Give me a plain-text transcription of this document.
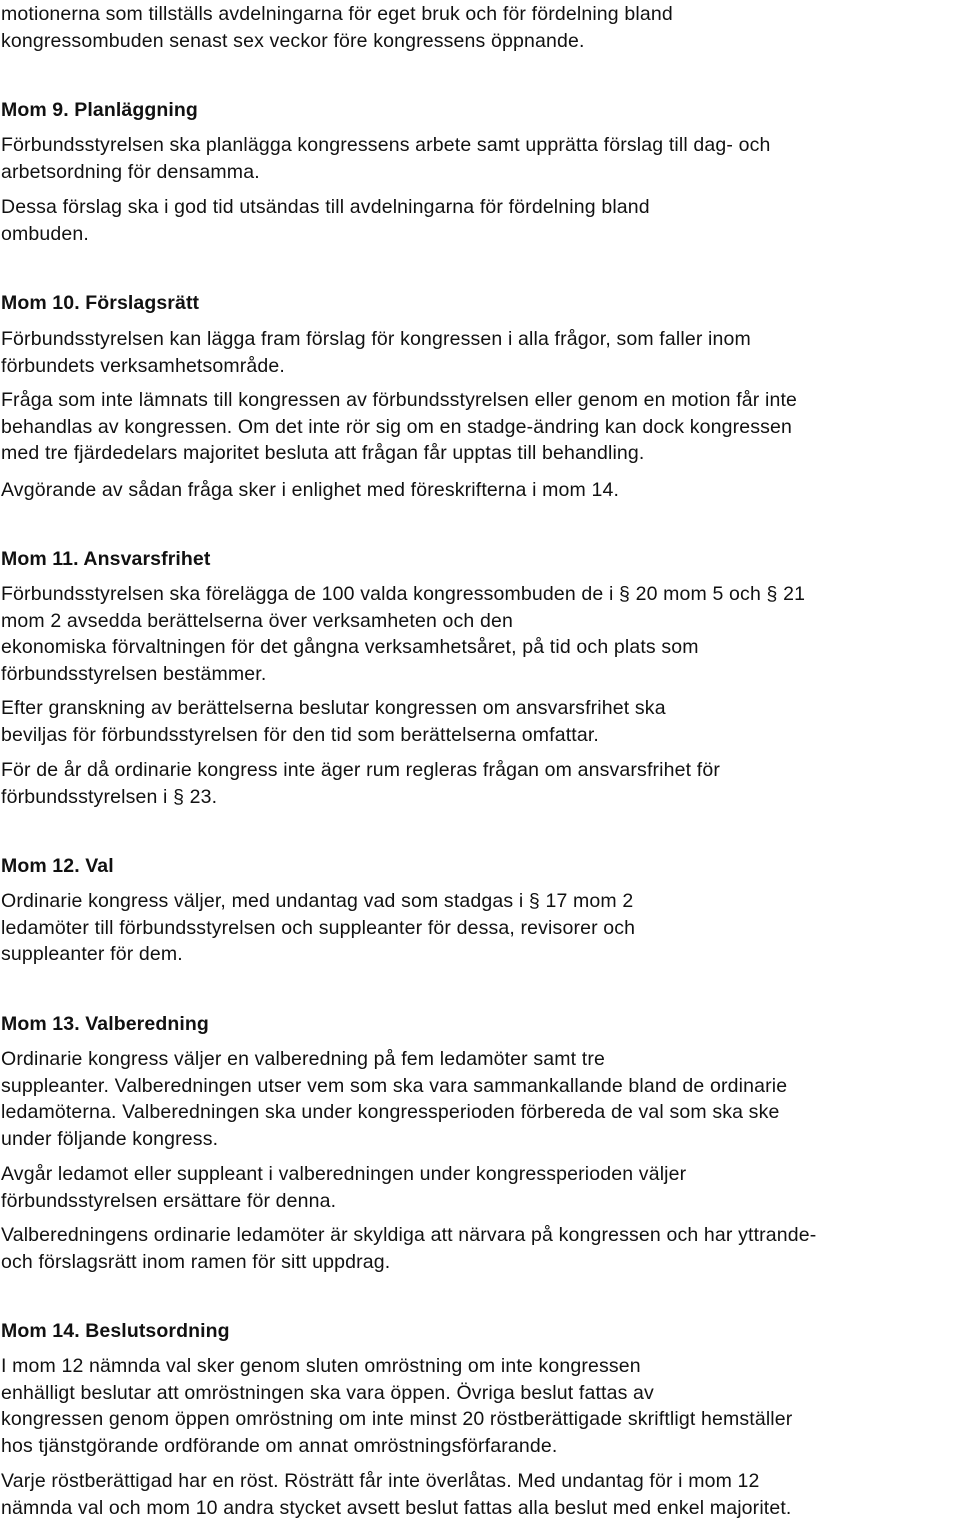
motionerna som tillställs avdelningarna för eget bruk och för fördelning bland
kongressombuden senast sex veckor före kongressens öppnande.
Mom 9. Planläggning
Förbundsstyrelsen ska planlägga kongressens arbete samt upprätta förslag till dag- och
arbetsordning för densamma.
Dessa förslag ska i god tid utsändas till avdelningarna för fördelning bland
ombuden.
Mom 10. Förslagsrätt
Förbundsstyrelsen kan lägga fram förslag för kongressen i alla frågor, som faller inom
förbundets verksamhetsområde.
Fråga som inte lämnats till kongressen av förbundsstyrelsen eller genom en motion får inte
behandlas av kongressen. Om det inte rör sig om en stadge-ändring kan dock kongressen
med tre fjärdedelars majoritet besluta att frågan får upptas till behandling.
Avgörande av sådan fråga sker i enlighet med föreskrifterna i mom 14.
Mom 11. Ansvarsfrihet
Förbundsstyrelsen ska förelägga de 100 valda kongressombuden de i § 20 mom 5 och § 21
mom 2 avsedda berättelserna över verksamheten och den
ekonomiska förvaltningen för det gångna verksamhetsåret, på tid och plats som
förbundsstyrelsen bestämmer.
Efter granskning av berättelserna beslutar kongressen om ansvarsfrihet ska
beviljas för förbundsstyrelsen för den tid som berättelserna omfattar.
För de år då ordinarie kongress inte äger rum regleras frågan om ansvarsfrihet för
förbundsstyrelsen i § 23.
Mom 12. Val
Ordinarie kongress väljer, med undantag vad som stadgas i § 17 mom 2
ledamöter till förbundsstyrelsen och suppleanter för dessa, revisorer och
suppleanter för dem.
Mom 13. Valberedning
Ordinarie kongress väljer en valberedning på fem ledamöter samt tre
suppleanter. Valberedningen utser vem som ska vara sammankallande bland de ordinarie
ledamöterna. Valberedningen ska under kongressperioden förbereda de val som ska ske
under följande kongress.
Avgår ledamot eller suppleant i valberedningen under kongressperioden väljer
förbundsstyrelsen ersättare för denna.
Valberedningens ordinarie ledamöter är skyldiga att närvara på kongressen och har yttrande-
och förslagsrätt inom ramen för sitt uppdrag.
Mom 14. Beslutsordning
I mom 12 nämnda val sker genom sluten omröstning om inte kongressen
enhälligt beslutar att omröstningen ska vara öppen. Övriga beslut fattas av
kongressen genom öppen omröstning om inte minst 20 röstberättigade skriftligt hemställer
hos tjänstgörande ordförande om annat omröstningsförfarande.
Varje röstberättigad har en röst. Rösträtt får inte överlåtas. Med undantag för i mom 12
nämnda val och mom 10 andra stycket avsett beslut fattas alla beslut med enkel majoritet.
